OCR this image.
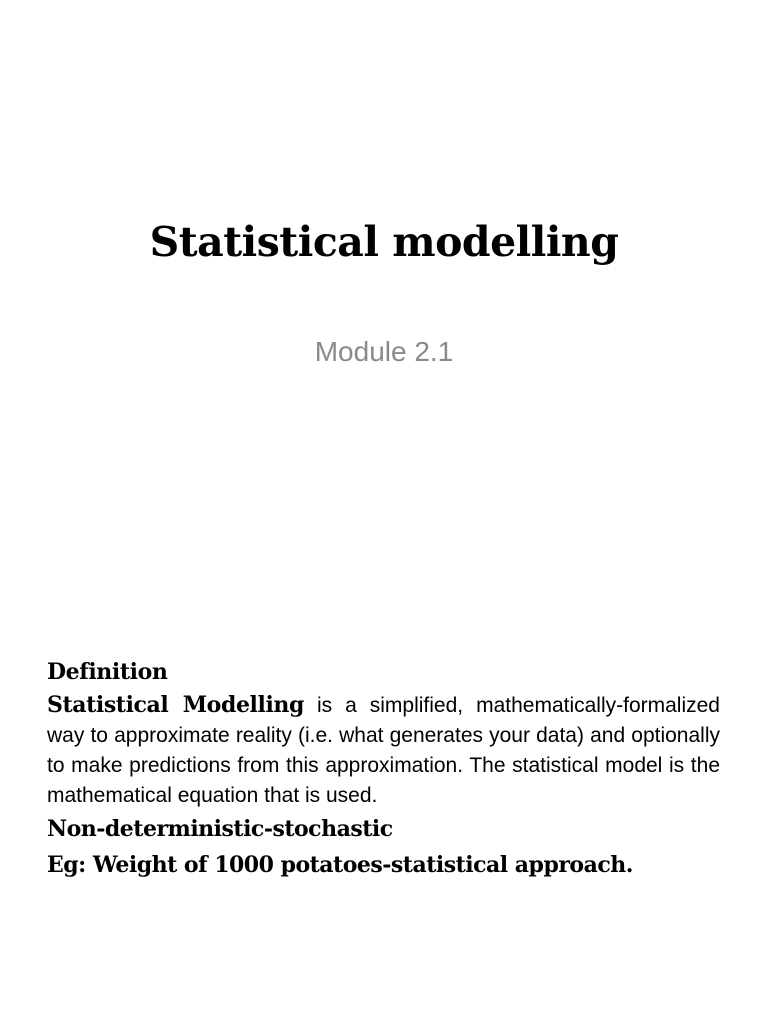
Statistical modelling

Module 2.1

Definition

Statistical Modelling is a simplified, mathematically-formalized way to approximate reality (i.e. what generates your data) and optionally to make predictions from this approximation. The statistical model is the mathematical equation that is used.

Non-deterministic-stochastic

Eg: Weight of 1000 potatoes-statistical approach.
